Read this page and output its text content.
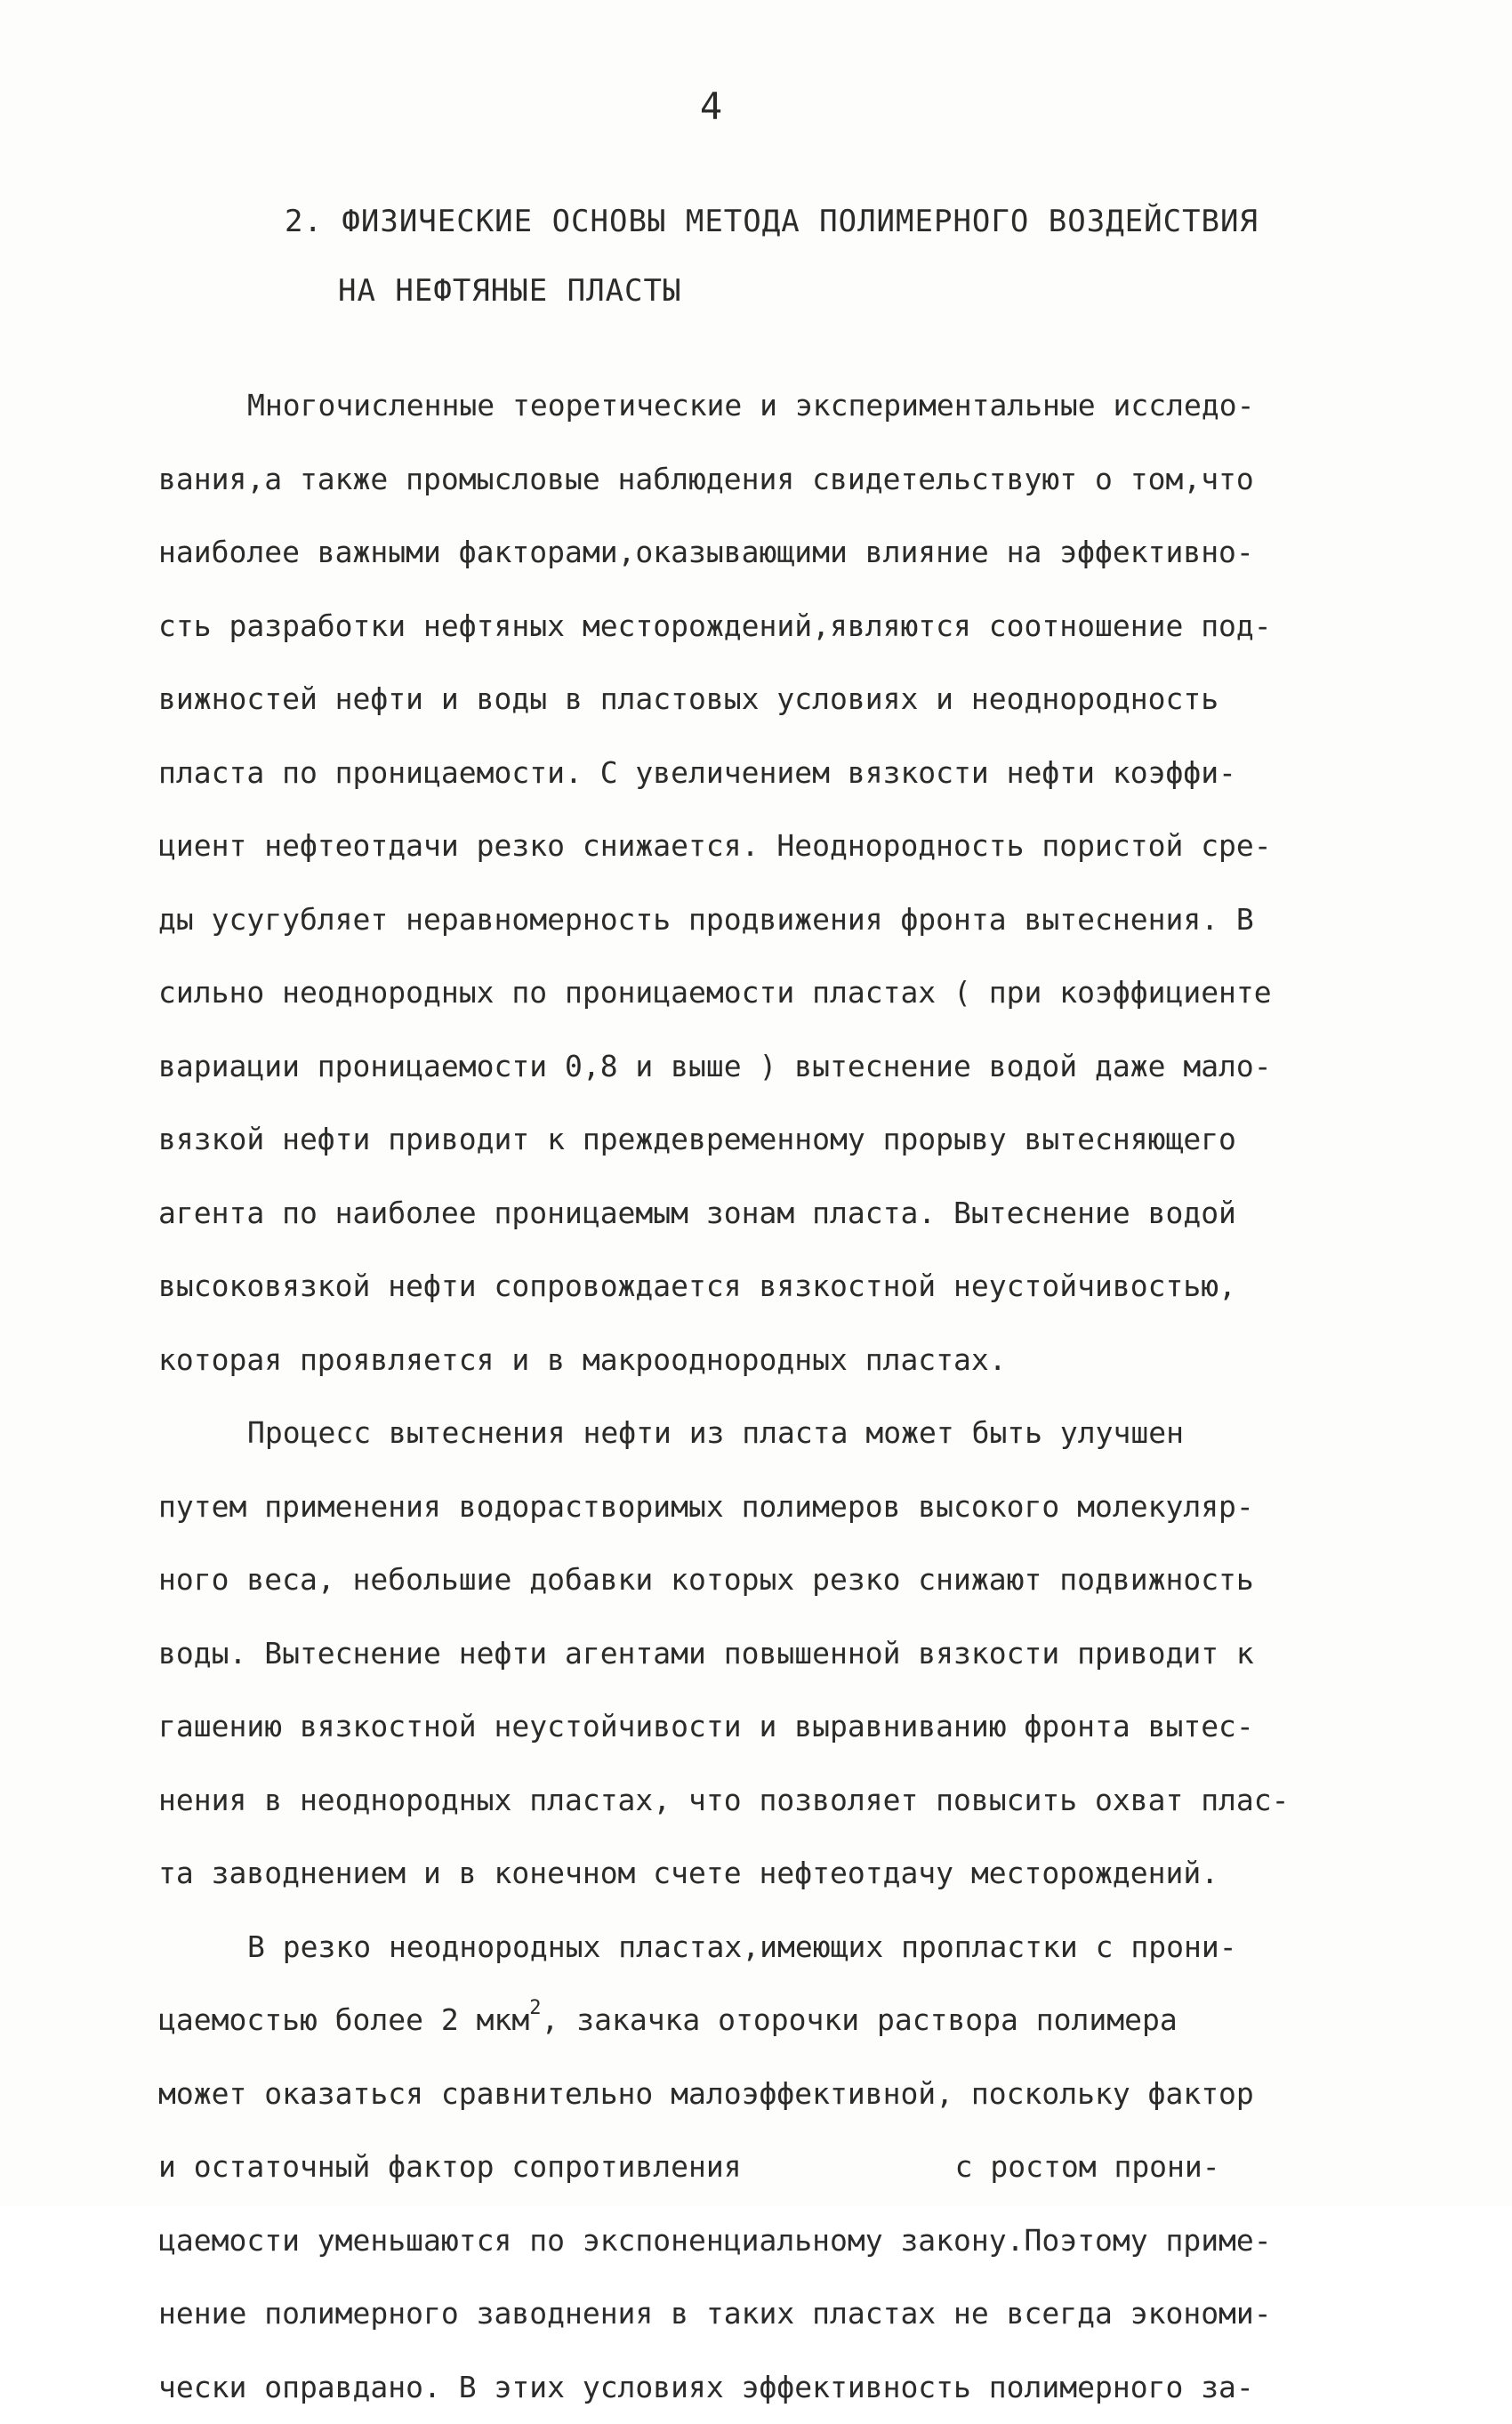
4
2. ФИЗИЧЕСКИЕ ОСНОВЫ МЕТОДА ПОЛИМЕРНОГО ВОЗДЕЙСТВИЯ
НА НЕФТЯНЫЕ ПЛАСТЫ
Многочисленные теоретические и экспериментальные исследо-
вания,а также промысловые наблюдения свидетельствуют о том,что
наиболее важными факторами,оказывающими влияние на эффективно-
сть разработки нефтяных месторождений,являются соотношение под-
вижностей нефти и воды в пластовых условиях и неоднородность
пласта по проницаемости. С увеличением вязкости нефти коэффи-
циент нефтеотдачи резко снижается. Неоднородность пористой сре-
ды усугубляет неравномерность продвижения фронта вытеснения. В
сильно неоднородных по проницаемости пластах ( при коэффициенте
вариации проницаемости 0,8 и выше ) вытеснение водой даже мало-
вязкой нефти приводит к преждевременному прорыву вытесняющего
агента по наиболее проницаемым зонам пласта. Вытеснение водой
высоковязкой нефти сопровождается вязкостной неустойчивостью,
которая проявляется и в макрооднородных пластах.
Процесс вытеснения нефти из пласта может быть улучшен
путем применения водорастворимых полимеров высокого молекуляр-
ного веса, небольшие добавки которых резко снижают подвижность
воды. Вытеснение нефти агентами повышенной вязкости приводит к
гашению вязкостной неустойчивости и выравниванию фронта вытес-
нения в неоднородных пластах, что позволяет повысить охват плас-
та заводнением и в конечном счете нефтеотдачу месторождений.
В резко неоднородных пластах,имеющих пропластки с прони-
цаемостью более 2 мкм$^2$, закачка оторочки раствора полимера
может оказаться сравнительно малоэффективной, поскольку фактор
и остаточный фактор сопротивления	с ростом прони-
цаемости уменьшаются по экспоненциальному закону.Поэтому приме-
нение полимерного заводнения в таких пластах не всегда экономи-
чески оправдано. В этих условиях эффективность полимерного за-
